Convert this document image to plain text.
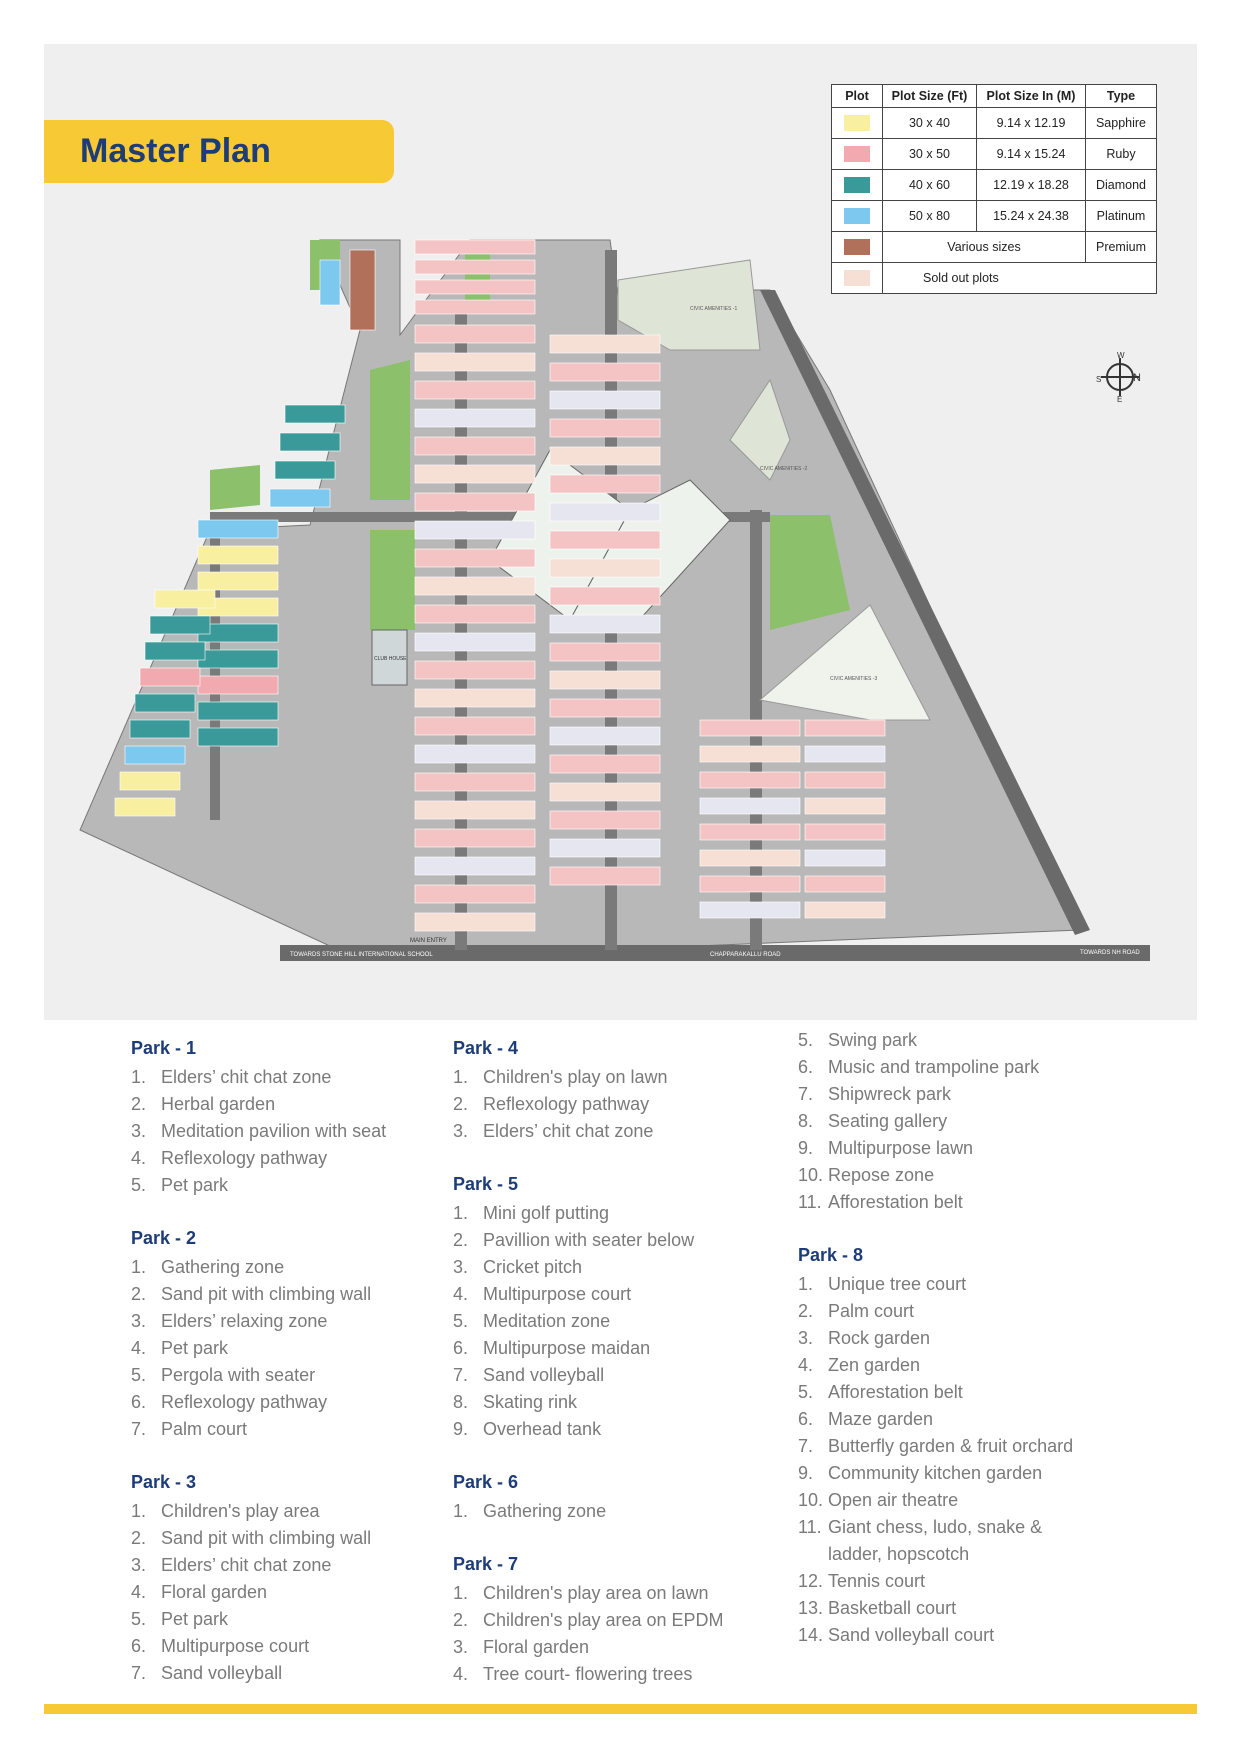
Master Plan
Plot	Plot Size (Ft)	Plot Size In (M)	Type
	30 x 40	9.14 x 12.19	Sapphire
	30 x 50	9.14 x 15.24	Ruby
	40 x 60	12.19 x 18.28	Diamond
	50 x 80	15.24 x 24.38	Platinum
	Various sizes		Premium
	Sold out plots		
N
S
E
W
CHAPPARAKALLU ROAD
TOWARDS STONE HILL INTERNATIONAL SCHOOL	TOWARDS NH ROAD
MAIN ENTRY
CIVIC AMENITIES -1
CIVIC AMENITIES -2
CIVIC AMENITIES -3
CLUB HOUSE
Park - 1
1. Elders’ chit chat zone
2. Herbal garden
3. Meditation pavilion with seat
4. Reflexology pathway
5. Pet park
Park - 2
1. Gathering zone
2. Sand pit with climbing wall
3. Elders’ relaxing zone
4. Pet park
5. Pergola with seater
6. Reflexology pathway
7. Palm court
Park - 3
1. Children's play area
2. Sand pit with climbing wall
3. Elders’ chit chat zone
4. Floral garden
5. Pet park
6. Multipurpose court
7. Sand volleyball
Park - 4
1. Children's play on lawn
2. Reflexology pathway
3. Elders’ chit chat zone
Park - 5
1. Mini golf putting
2. Pavillion with seater below
3. Cricket pitch
4. Multipurpose court
5. Meditation zone
6. Multipurpose maidan
7. Sand volleyball
8. Skating rink
9. Overhead tank
Park - 6
1. Gathering zone
Park - 7
1. Children's play area on lawn
2. Children's play area on EPDM
3. Floral garden
4. Tree court- flowering trees
5. Swing park
6. Music and trampoline park
7. Shipwreck park
8. Seating gallery
9. Multipurpose lawn
10. Repose zone
11. Afforestation belt
Park - 8
1. Unique tree court
2. Palm court
3. Rock garden
4. Zen garden
5. Afforestation belt
6. Maze garden
7. Butterfly garden & fruit orchard
9. Community kitchen garden
10. Open air theatre
11. Giant chess, ludo, snake &
ladder, hopscotch
12. Tennis court
13. Basketball court
14. Sand volleyball court
